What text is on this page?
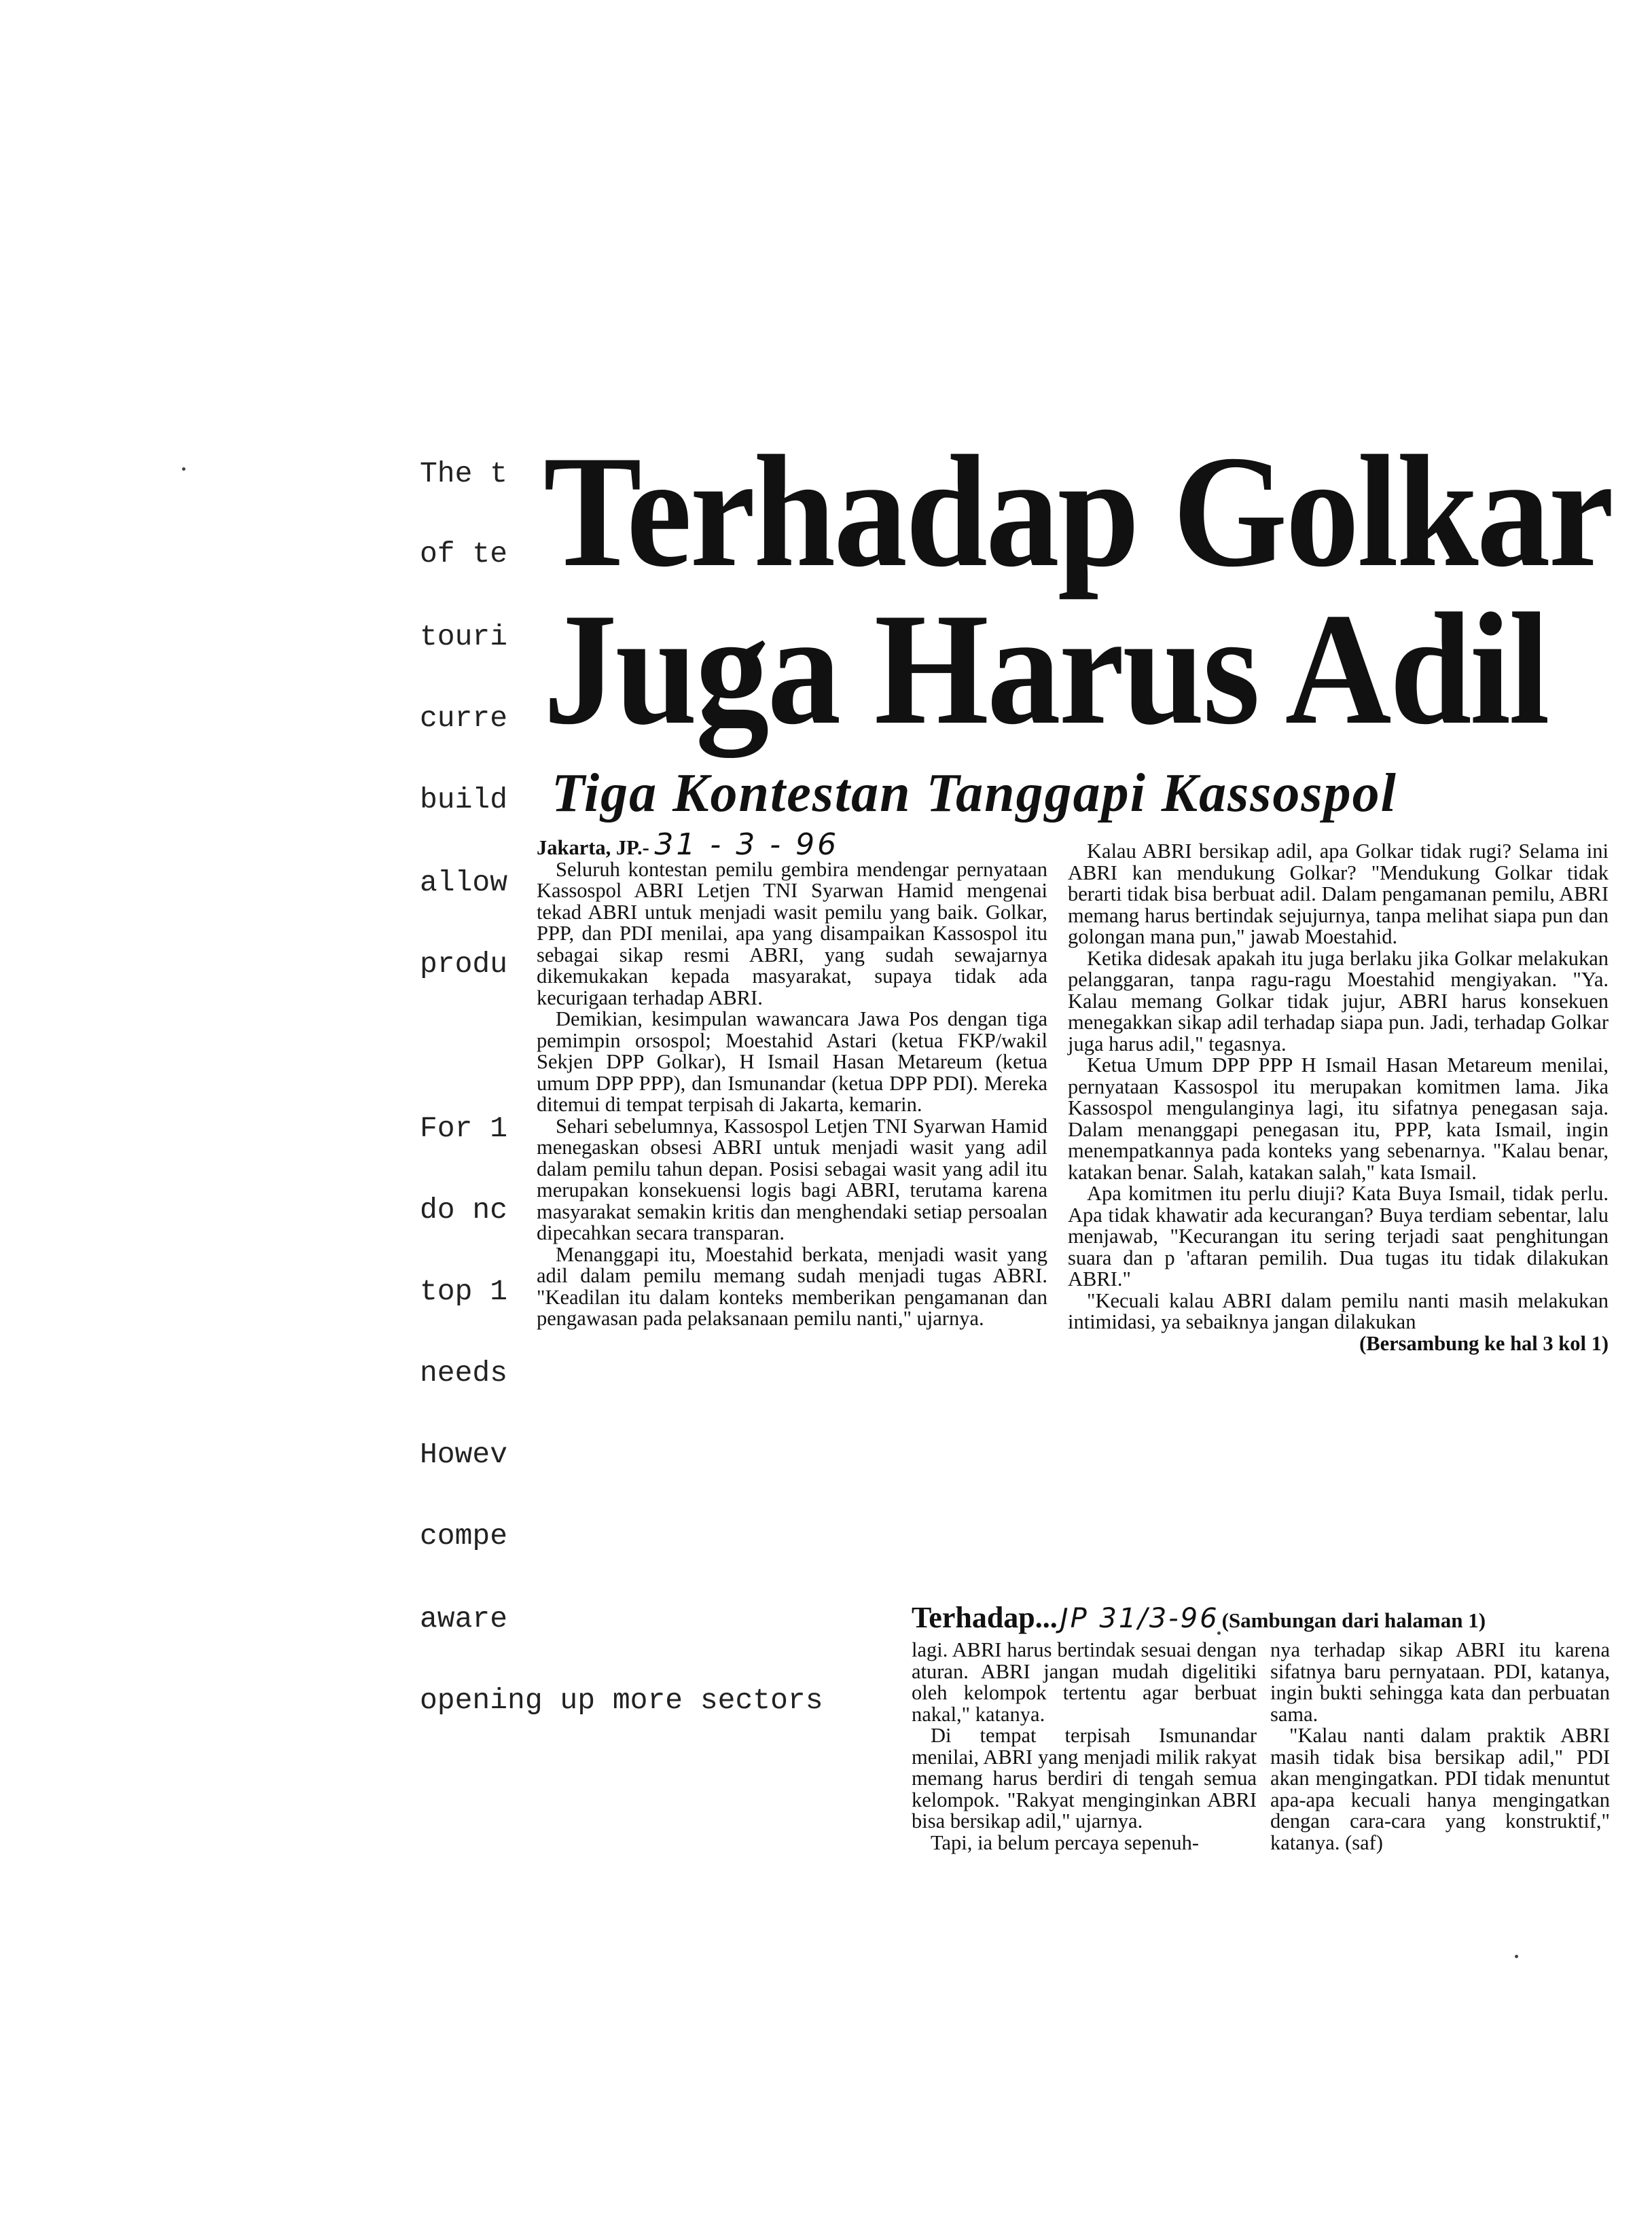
The t
of te
touri
curre
build
allow
produ
For 1
do nc
top 1
needs
Howev
compe
aware
opening up more sectors
Terhadap Golkar
Juga Harus Adil
Tiga Kontestan Tanggapi Kassospol

Jakarta, JP.- 31 - 3 - 96

Seluruh kontestan pemilu gembira mendengar pernyataan Kassospol ABRI Letjen TNI Syarwan Hamid mengenai tekad ABRI untuk menjadi wasit pemilu yang baik. Golkar, PPP, dan PDI menilai, apa yang disampaikan Kassospol itu sebagai sikap resmi ABRI, yang sudah sewajarnya dikemukakan kepada masyarakat, supaya tidak ada kecurigaan terhadap ABRI.

Demikian, kesimpulan wawancara Jawa Pos dengan tiga pemimpin orsospol; Moestahid Astari (ketua FKP/wakil Sekjen DPP Golkar), H Ismail Hasan Metareum (ketua umum DPP PPP), dan Ismunandar (ketua DPP PDI). Mereka ditemui di tempat terpisah di Jakarta, kemarin.

Sehari sebelumnya, Kassospol Letjen TNI Syarwan Hamid menegaskan obsesi ABRI untuk menjadi wasit yang adil dalam pemilu tahun depan. Posisi sebagai wasit yang adil itu merupakan konsekuensi logis bagi ABRI, terutama karena masyarakat semakin kritis dan menghendaki setiap persoalan dipecahkan secara transparan.

Menanggapi itu, Moestahid berkata, menjadi wasit yang adil dalam pemilu memang sudah menjadi tugas ABRI. "Keadilan itu dalam konteks memberikan pengamanan dan pengawasan pada pelaksanaan pemilu nanti," ujarnya.

Kalau ABRI bersikap adil, apa Golkar tidak rugi? Selama ini ABRI kan mendukung Golkar? "Mendukung Golkar tidak berarti tidak bisa berbuat adil. Dalam pengamanan pemilu, ABRI memang harus bertindak sejujurnya, tanpa melihat siapa pun dan golongan mana pun," jawab Moestahid.

Ketika didesak apakah itu juga berlaku jika Golkar melakukan pelanggaran, tanpa ragu-ragu Moestahid mengiyakan. "Ya. Kalau memang Golkar tidak jujur, ABRI harus konsekuen menegakkan sikap adil terhadap siapa pun. Jadi, terhadap Golkar juga harus adil," tegasnya.

Ketua Umum DPP PPP H Ismail Hasan Metareum menilai, pernyataan Kassospol itu merupakan komitmen lama. Jika Kassospol mengulanginya lagi, itu sifatnya penegasan saja. Dalam menanggapi penegasan itu, PPP, kata Ismail, ingin menempatkannya pada konteks yang sebenarnya. "Kalau benar, katakan benar. Salah, katakan salah," kata Ismail.

Apa komitmen itu perlu diuji? Kata Buya Ismail, tidak perlu. Apa tidak khawatir ada kecurangan? Buya terdiam sebentar, lalu menjawab, "Kecurangan itu sering terjadi saat penghitungan suara dan p 'aftaran pemilih. Dua tugas itu tidak dilakukan ABRI."

"Kecuali kalau ABRI dalam pemilu nanti masih melakukan intimidasi, ya sebaiknya jangan dilakukan

(Bersambung ke hal 3 kol 1)

Terhadap... JP 31/3-96 (Sambungan dari halaman 1)

lagi. ABRI harus bertindak sesuai dengan aturan. ABRI jangan mudah digelitiki oleh kelompok tertentu agar berbuat nakal," katanya.

Di tempat terpisah Ismunandar menilai, ABRI yang menjadi milik rakyat memang harus berdiri di tengah semua kelompok. "Rakyat menginginkan ABRI bisa bersikap adil," ujarnya.

Tapi, ia belum percaya sepenuh-

nya terhadap sikap ABRI itu karena sifatnya baru pernyataan. PDI, katanya, ingin bukti sehingga kata dan perbuatan sama.

"Kalau nanti dalam praktik ABRI masih tidak bisa bersikap adil," PDI akan mengingatkan. PDI tidak menuntut apa-apa kecuali hanya mengingatkan dengan cara-cara yang konstruktif," katanya. (saf)
